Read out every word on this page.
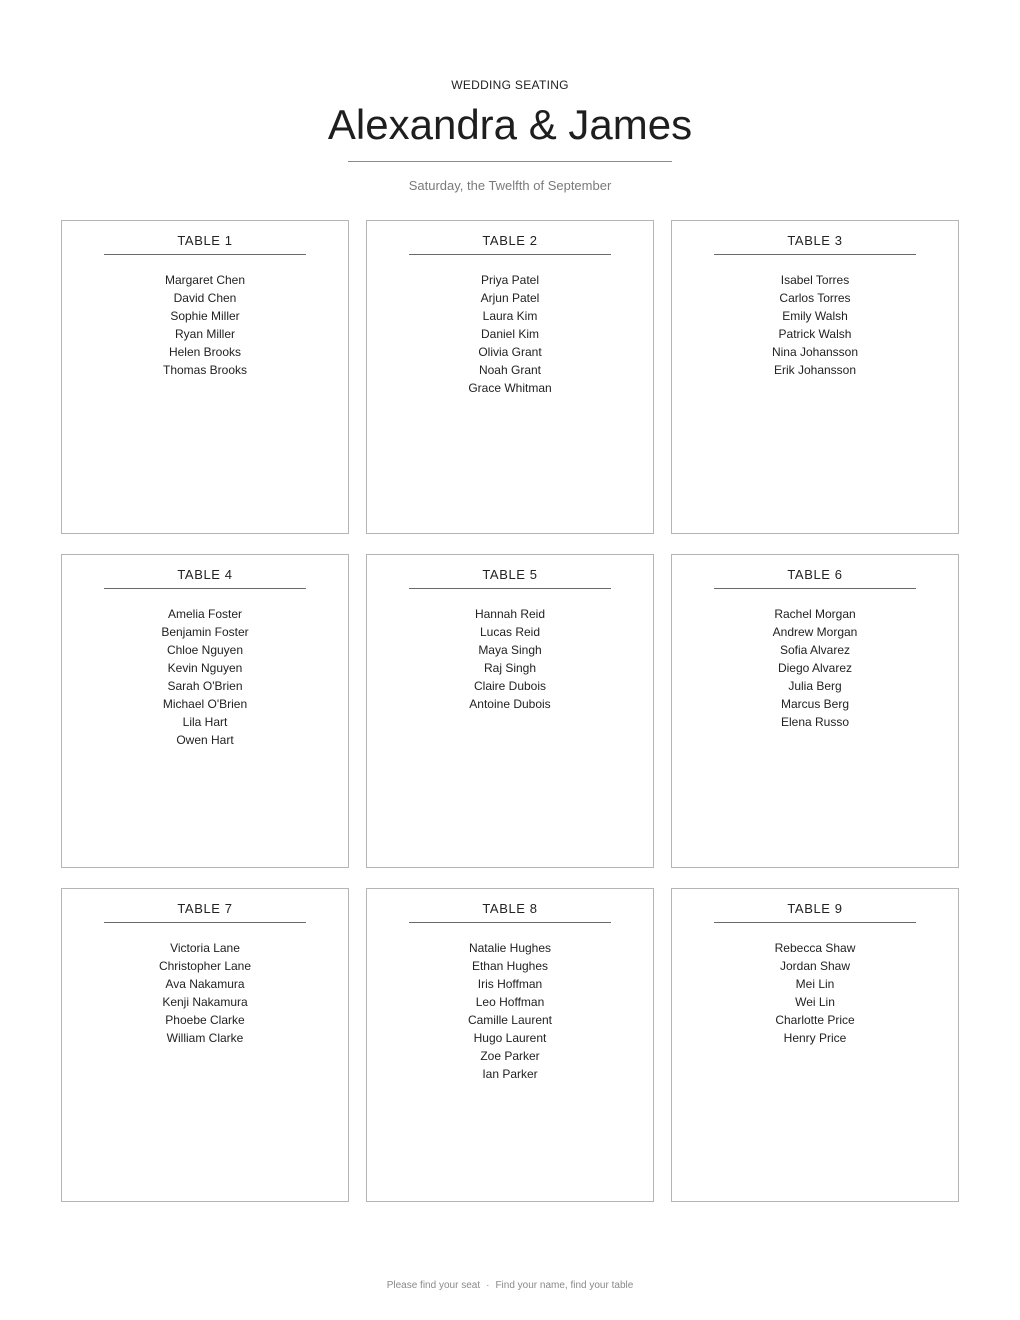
WEDDING SEATING
Alexandra & James
Saturday, the Twelfth of September
TABLE 1
Margaret Chen
David Chen
Sophie Miller
Ryan Miller
Helen Brooks
Thomas Brooks
TABLE 2
Priya Patel
Arjun Patel
Laura Kim
Daniel Kim
Olivia Grant
Noah Grant
Grace Whitman
TABLE 3
Isabel Torres
Carlos Torres
Emily Walsh
Patrick Walsh
Nina Johansson
Erik Johansson
TABLE 4
Amelia Foster
Benjamin Foster
Chloe Nguyen
Kevin Nguyen
Sarah O'Brien
Michael O'Brien
Lila Hart
Owen Hart
TABLE 5
Hannah Reid
Lucas Reid
Maya Singh
Raj Singh
Claire Dubois
Antoine Dubois
TABLE 6
Rachel Morgan
Andrew Morgan
Sofia Alvarez
Diego Alvarez
Julia Berg
Marcus Berg
Elena Russo
TABLE 7
Victoria Lane
Christopher Lane
Ava Nakamura
Kenji Nakamura
Phoebe Clarke
William Clarke
TABLE 8
Natalie Hughes
Ethan Hughes
Iris Hoffman
Leo Hoffman
Camille Laurent
Hugo Laurent
Zoe Parker
Ian Parker
TABLE 9
Rebecca Shaw
Jordan Shaw
Mei Lin
Wei Lin
Charlotte Price
Henry Price
Please find your seat · Find your name, find your table
